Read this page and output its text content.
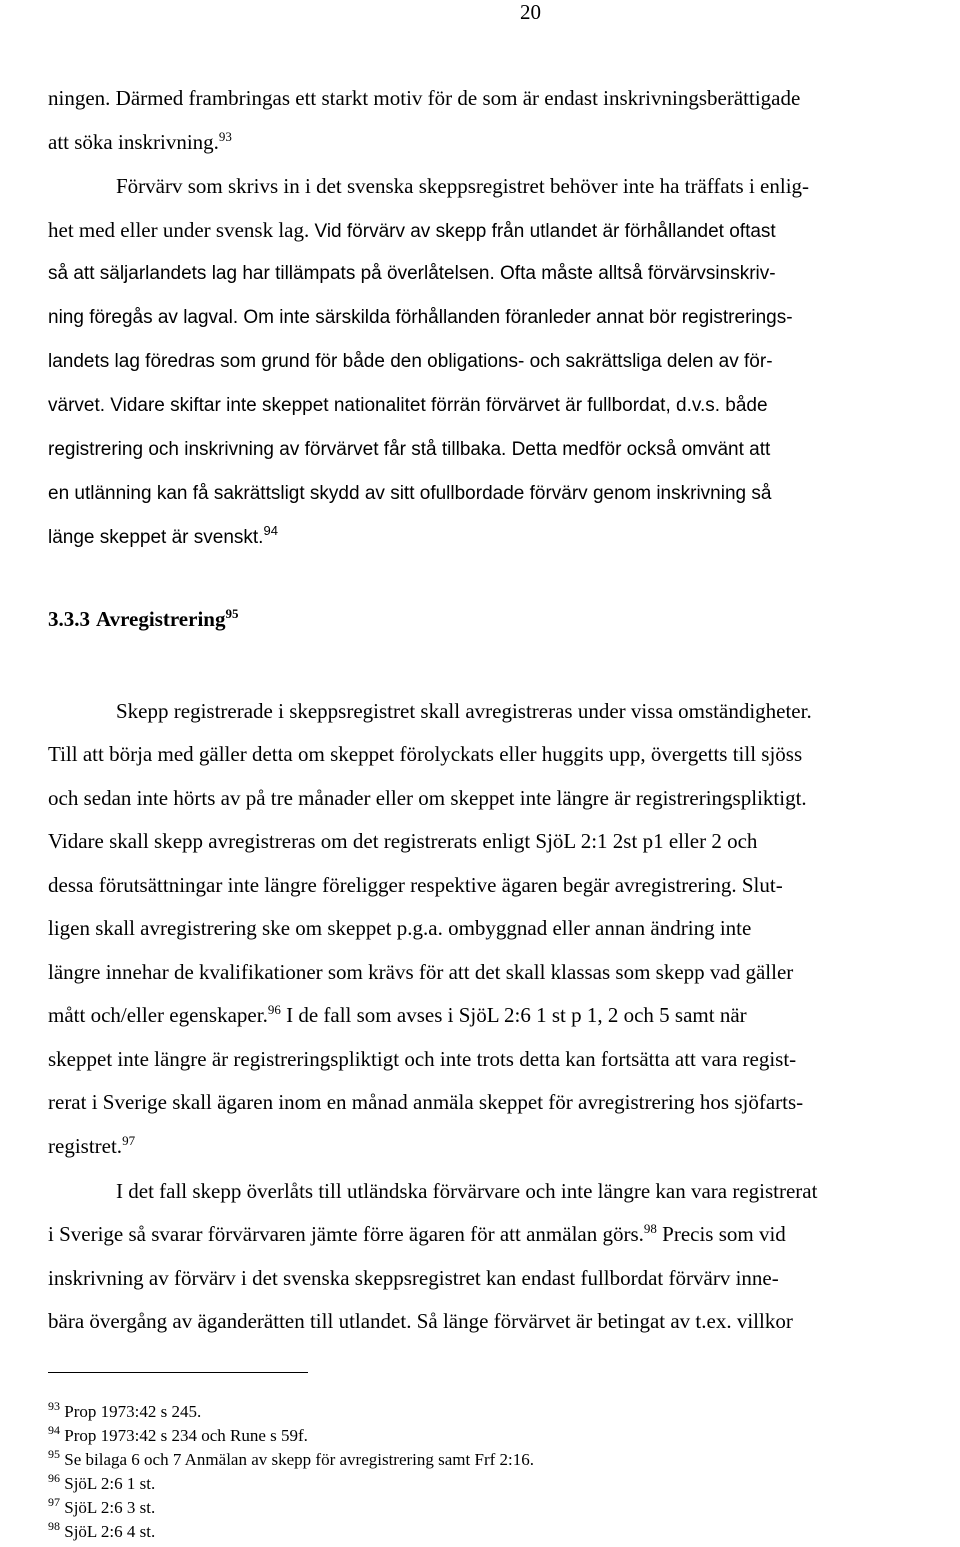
20
ningen. Därmed frambringas ett starkt motiv för de som är endast inskrivningsberättigade
att söka inskrivning.$^{93}$
Förvärv som skrivs in i det svenska skeppsregistret behöver inte ha träffats i enlig-
het med eller under svensk lag. Vid förvärv av skepp från utlandet är förhållandet oftast
så att säljarlandets lag har tillämpats på överlåtelsen. Ofta måste alltså förvärvsinskriv-
ning föregås av lagval. Om inte särskilda förhållanden föranleder annat bör registrerings-
landets lag föredras som grund för både den obligations- och sakrättsliga delen av för-
värvet. Vidare skiftar inte skeppet nationalitet förrän förvärvet är fullbordat, d.v.s. både
registrering och inskrivning av förvärvet får stå tillbaka. Detta medför också omvänt att
en utlänning kan få sakrättsligt skydd av sitt ofullbordade förvärv genom inskrivning så
länge skeppet är svenskt.$^{94}$
3.3.3 Avregistrering$^{95}$
Skepp registrerade i skeppsregistret skall avregistreras under vissa omständigheter.
Till att börja med gäller detta om skeppet förolyckats eller huggits upp, övergetts till sjöss
och sedan inte hörts av på tre månader eller om skeppet inte längre är registreringspliktigt.
Vidare skall skepp avregistreras om det registrerats enligt SjöL 2:1 2st p1 eller 2 och
dessa förutsättningar inte längre föreligger respektive ägaren begär avregistrering. Slut-
ligen skall avregistrering ske om skeppet p.g.a. ombyggnad eller annan ändring inte
längre innehar de kvalifikationer som krävs för att det skall klassas som skepp vad gäller
mått och/eller egenskaper.$^{96}$ I de fall som avses i SjöL 2:6 1 st p 1, 2 och 5 samt när
skeppet inte längre är registreringspliktigt och inte trots detta kan fortsätta att vara regist-
rerat i Sverige skall ägaren inom en månad anmäla skeppet för avregistrering hos sjöfarts-
registret.$^{97}$
I det fall skepp överlåts till utländska förvärvare och inte längre kan vara registrerat
i Sverige så svarar förvärvaren jämte förre ägaren för att anmälan görs.$^{98}$ Precis som vid
inskrivning av förvärv i det svenska skeppsregistret kan endast fullbordat förvärv inne-
bära övergång av äganderätten till utlandet. Så länge förvärvet är betingat av t.ex. villkor
$^{93}$ Prop 1973:42 s 245.
$^{94}$ Prop 1973:42 s 234 och Rune s 59f.
$^{95}$ Se bilaga 6 och 7 Anmälan av skepp för avregistrering samt Frf 2:16.
$^{96}$ SjöL 2:6 1 st.
$^{97}$ SjöL 2:6 3 st.
$^{98}$ SjöL 2:6 4 st.
